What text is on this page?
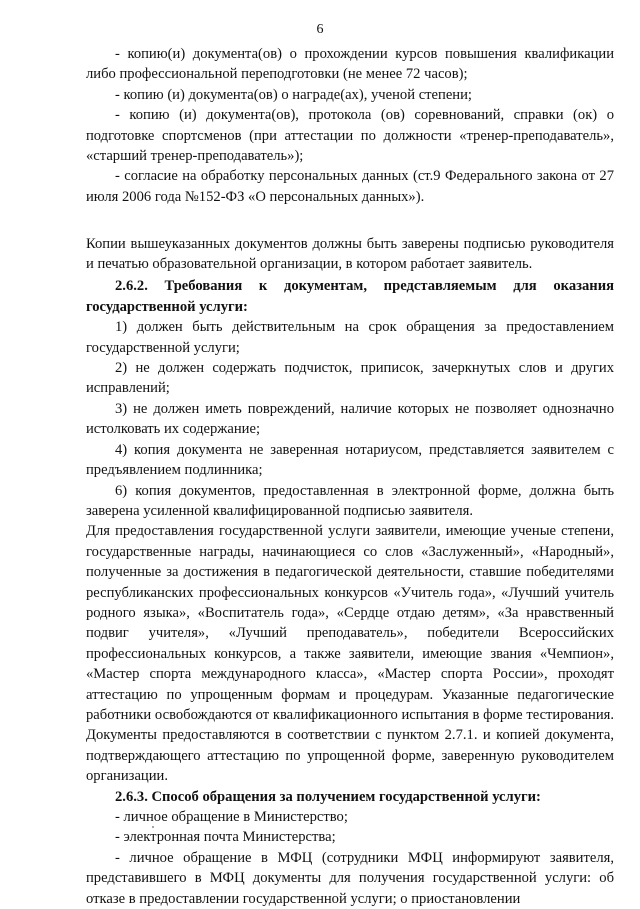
6

- копию(и) документа(ов) о прохождении курсов повышения квалификации либо профессиональной переподготовки (не менее 72 часов);

- копию (и) документа(ов) о награде(ах), ученой степени;

- копию (и) документа(ов), протокола (ов) соревнований, справки (ок) о подготовке спортсменов (при аттестации по должности «тренер-преподаватель», «старший тренер-преподаватель»);

- согласие на обработку персональных данных (ст.9 Федерального закона от 27 июля 2006 года №152-ФЗ «О персональных данных»).

Копии вышеуказанных документов должны быть заверены подписью руководителя и печатью образовательной организации, в котором работает заявитель.

2.6.2. Требования к документам, представляемым для оказания государственной услуги:

1) должен быть действительным на срок обращения за предоставлением государственной услуги;

2) не должен содержать подчисток, приписок, зачеркнутых слов и других исправлений;

3) не должен иметь повреждений, наличие которых не позволяет однозначно истолковать их содержание;

4) копия документа не заверенная нотариусом, представляется заявителем с предъявлением подлинника;

6) копия документов, предоставленная в электронной форме, должна быть заверена усиленной квалифицированной подписью заявителя.

Для предоставления государственной услуги заявители, имеющие ученые степени, государственные награды, начинающиеся со слов «Заслуженный», «Народный», полученные за достижения в педагогической деятельности, ставшие победителями республиканских профессиональных конкурсов «Учитель года», «Лучший учитель родного языка», «Воспитатель года», «Сердце отдаю детям», «За нравственный подвиг учителя», «Лучший преподаватель», победители Всероссийских профессиональных конкурсов, а также заявители, имеющие звания «Чемпион», «Мастер спорта международного класса», «Мастер спорта России», проходят аттестацию по упрощенным формам и процедурам. Указанные педагогические работники освобождаются от квалификационного испытания в форме тестирования. Документы предоставляются в соответствии с пунктом 2.7.1. и копией документа, подтверждающего аттестацию по упрощенной форме, заверенную руководителем организации.

2.6.3. Способ обращения за получением государственной услуги:

- личное обращение в Министерство;

- электронная почта Министерства;

- личное обращение в МФЦ (сотрудники МФЦ информируют заявителя, представившего в МФЦ документы для получения государственной услуги: об отказе в предоставлении государственной услуги; о приостановлении
